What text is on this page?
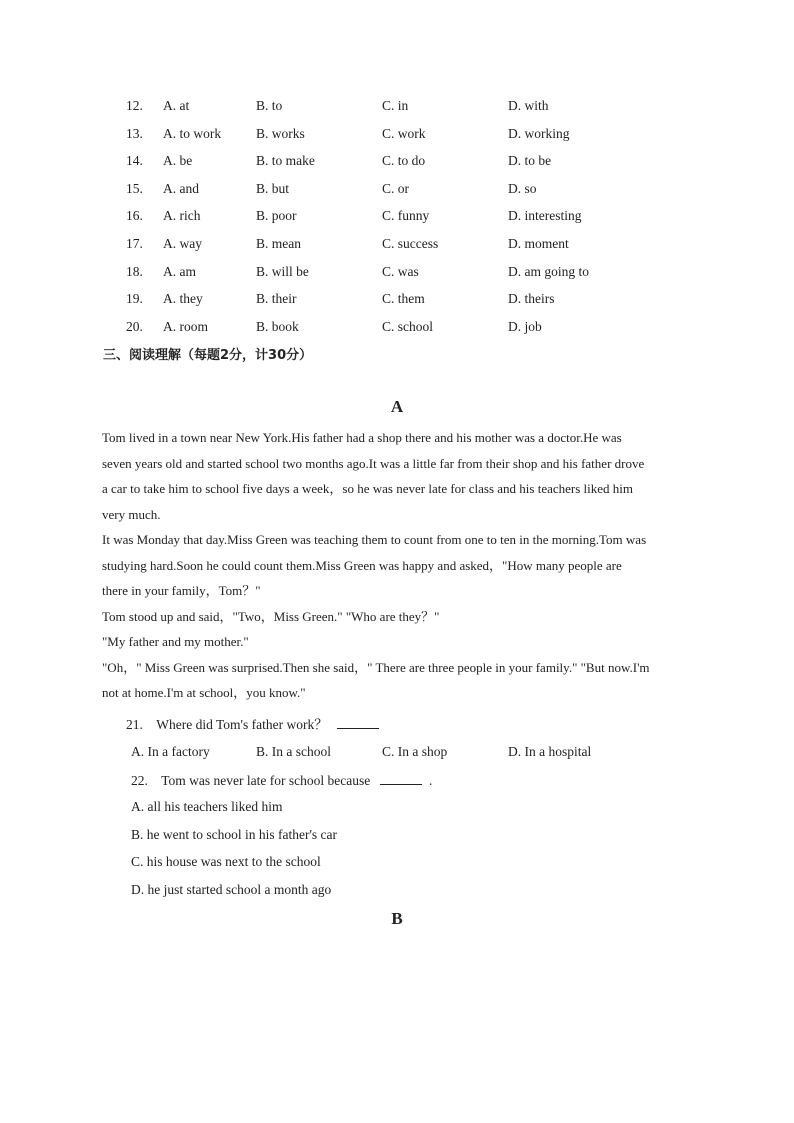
12. A. at	B. to	C. in	D. with
13. A. to work	B. works	C. work	D. working
14. A. be	B. to make	C. to do	D. to be
15. A. and	B. but	C. or	D. so
16. A. rich	B. poor	C. funny	D. interesting
17. A. way	B. mean	C. success	D. moment
18. A. am	B. will be	C. was	D. am going to
19. A. they	B. their	C. them	D. theirs
20. A. room	B. book	C. school	D. job
三、阅读理解（每题2分，计30分）
A
Tom lived in a town near New York.His father had a shop there and his mother was a doctor.He was
seven years old and started school two months ago.It was a little far from their shop and his father drove
a car to take him to school five days a week，so he was never late for class and his teachers liked him
very much.
It was Monday that day.Miss Green was teaching them to count from one to ten in the morning.Tom was
studying hard.Soon he could count them.Miss Green was happy and asked，"How many people are
there in your family，Tom？"
Tom stood up and said，"Two，Miss Green." "Who are they？"
"My father and my mother."
"Oh，" Miss Green was surprised.Then she said，" There are three people in your family." "But now.I'm
not at home.I'm at school，you know."
21. Where did Tom's father work？
A. In a factory	B. In a school	C. In a shop	D. In a hospital
22. Tom was never late for school because	.
A. all his teachers liked him
B. he went to school in his father's car
C. his house was next to the school
D. he just started school a month ago
B
